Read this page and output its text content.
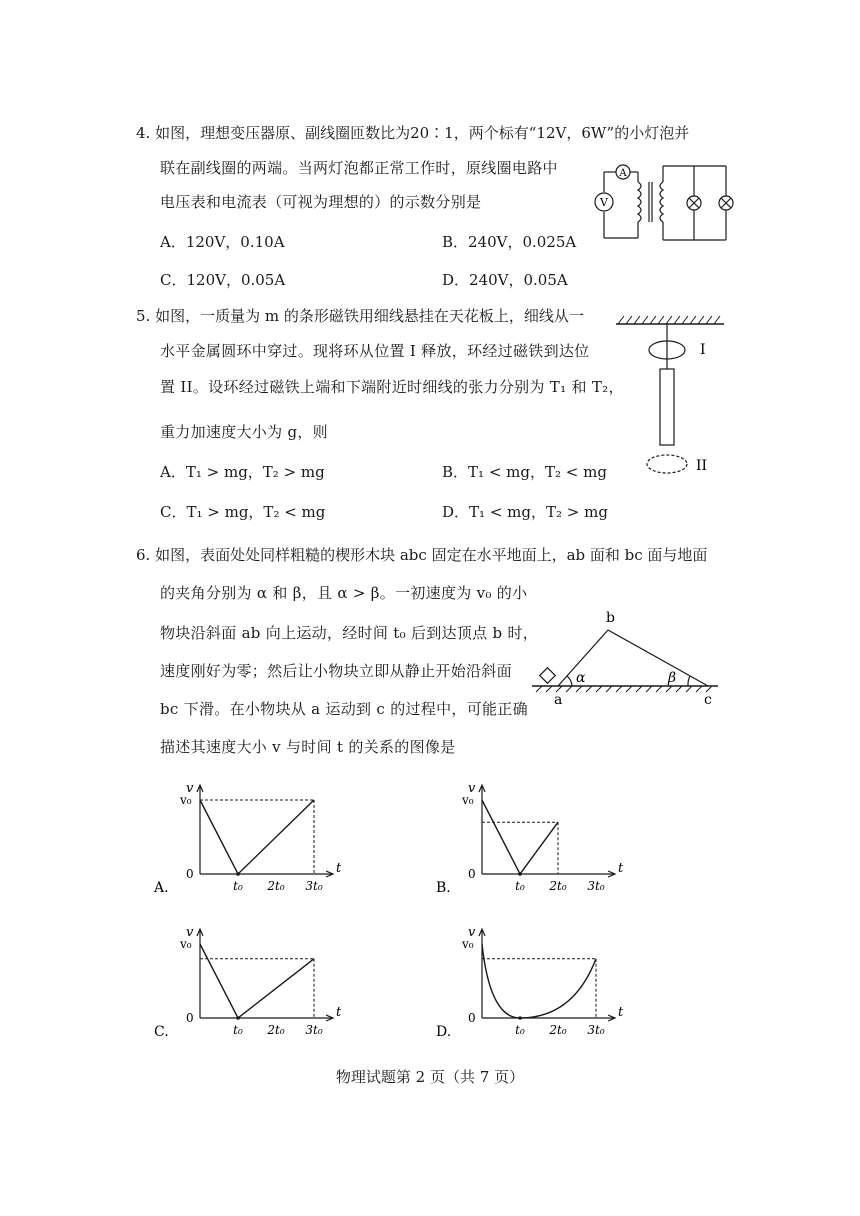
4. 如图，理想变压器原、副线圈匝数比为20∶1，两个标有“12V，6W”的小灯泡并
联在副线圈的两端。当两灯泡都正常工作时，原线圈电路中
电压表和电流表（可视为理想的）的示数分别是
A．120V，0.10A	B．240V，0.025A
C．120V，0.05A	D．240V，0.05A
A
V
5. 如图，一质量为 m 的条形磁铁用细线悬挂在天花板上，细线从一
水平金属圆环中穿过。现将环从位置 I 释放，环经过磁铁到达位
置 II。设环经过磁铁上端和下端附近时细线的张力分别为 T₁ 和 T₂，
重力加速度大小为 g，则
A．T₁ > mg，T₂ > mg	B．T₁ < mg，T₂ < mg
C．T₁ > mg，T₂ < mg	D．T₁ < mg，T₂ > mg
I
II
6. 如图，表面处处同样粗糙的楔形木块 abc 固定在水平地面上，ab 面和 bc 面与地面
的夹角分别为 α 和 β，且 α > β。一初速度为 v₀ 的小
物块沿斜面 ab 向上运动，经时间 t₀ 后到达顶点 b 时，
速度刚好为零；然后让小物块立即从静止开始沿斜面
bc 下滑。在小物块从 a 运动到 c 的过程中，可能正确
描述其速度大小 v 与时间 t 的关系的图像是
b
a	c
α	β
v
t
v₀
0
t₀ 2t₀ 3t₀
A.
v
t
v₀
0
t₀ 2t₀ 3t₀
B.
v
t
v₀
0
t₀ 2t₀ 3t₀
C.
v
t
v₀
0
t₀ 2t₀ 3t₀
D.
物理试题第 2 页（共 7 页）
